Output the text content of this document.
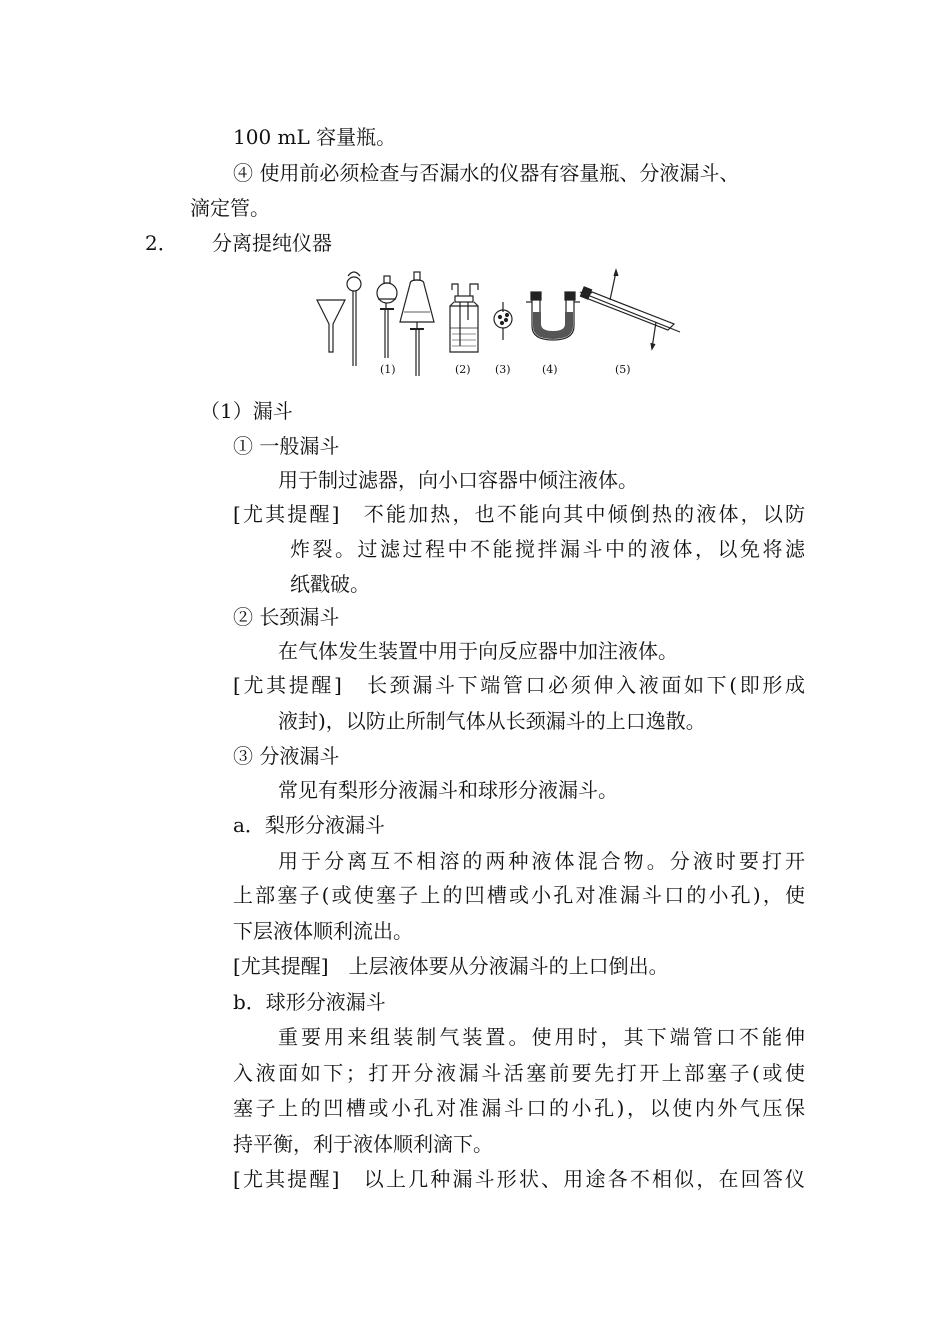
100 mL 容量瓶。
④ 使用前必须检查与否漏水的仪器有容量瓶、分液漏斗、
滴定管。
2． 分离提纯仪器
(1)	(2) (3)	(4)	(5)
（1）漏斗
① 一般漏斗
用于制过滤器，向小口容器中倾注液体。
[尤其提醒]　不能加热，也不能向其中倾倒热的液体，以防
炸裂。过滤过程中不能搅拌漏斗中的液体，以免将滤
纸戳破。
② 长颈漏斗
在气体发生装置中用于向反应器中加注液体。
[尤其提醒]　长颈漏斗下端管口必须伸入液面如下(即形成
液封)，以防止所制气体从长颈漏斗的上口逸散。
③ 分液漏斗
常见有梨形分液漏斗和球形分液漏斗。
a．梨形分液漏斗
用于分离互不相溶的两种液体混合物。分液时要打开
上部塞子(或使塞子上的凹槽或小孔对准漏斗口的小孔)，使
下层液体顺利流出。
[尤其提醒]　上层液体要从分液漏斗的上口倒出。
b．球形分液漏斗
重要用来组装制气装置。使用时，其下端管口不能伸
入液面如下；打开分液漏斗活塞前要先打开上部塞子(或使
塞子上的凹槽或小孔对准漏斗口的小孔)，以使内外气压保
持平衡，利于液体顺利滴下。
[尤其提醒]　以上几种漏斗形状、用途各不相似，在回答仪
